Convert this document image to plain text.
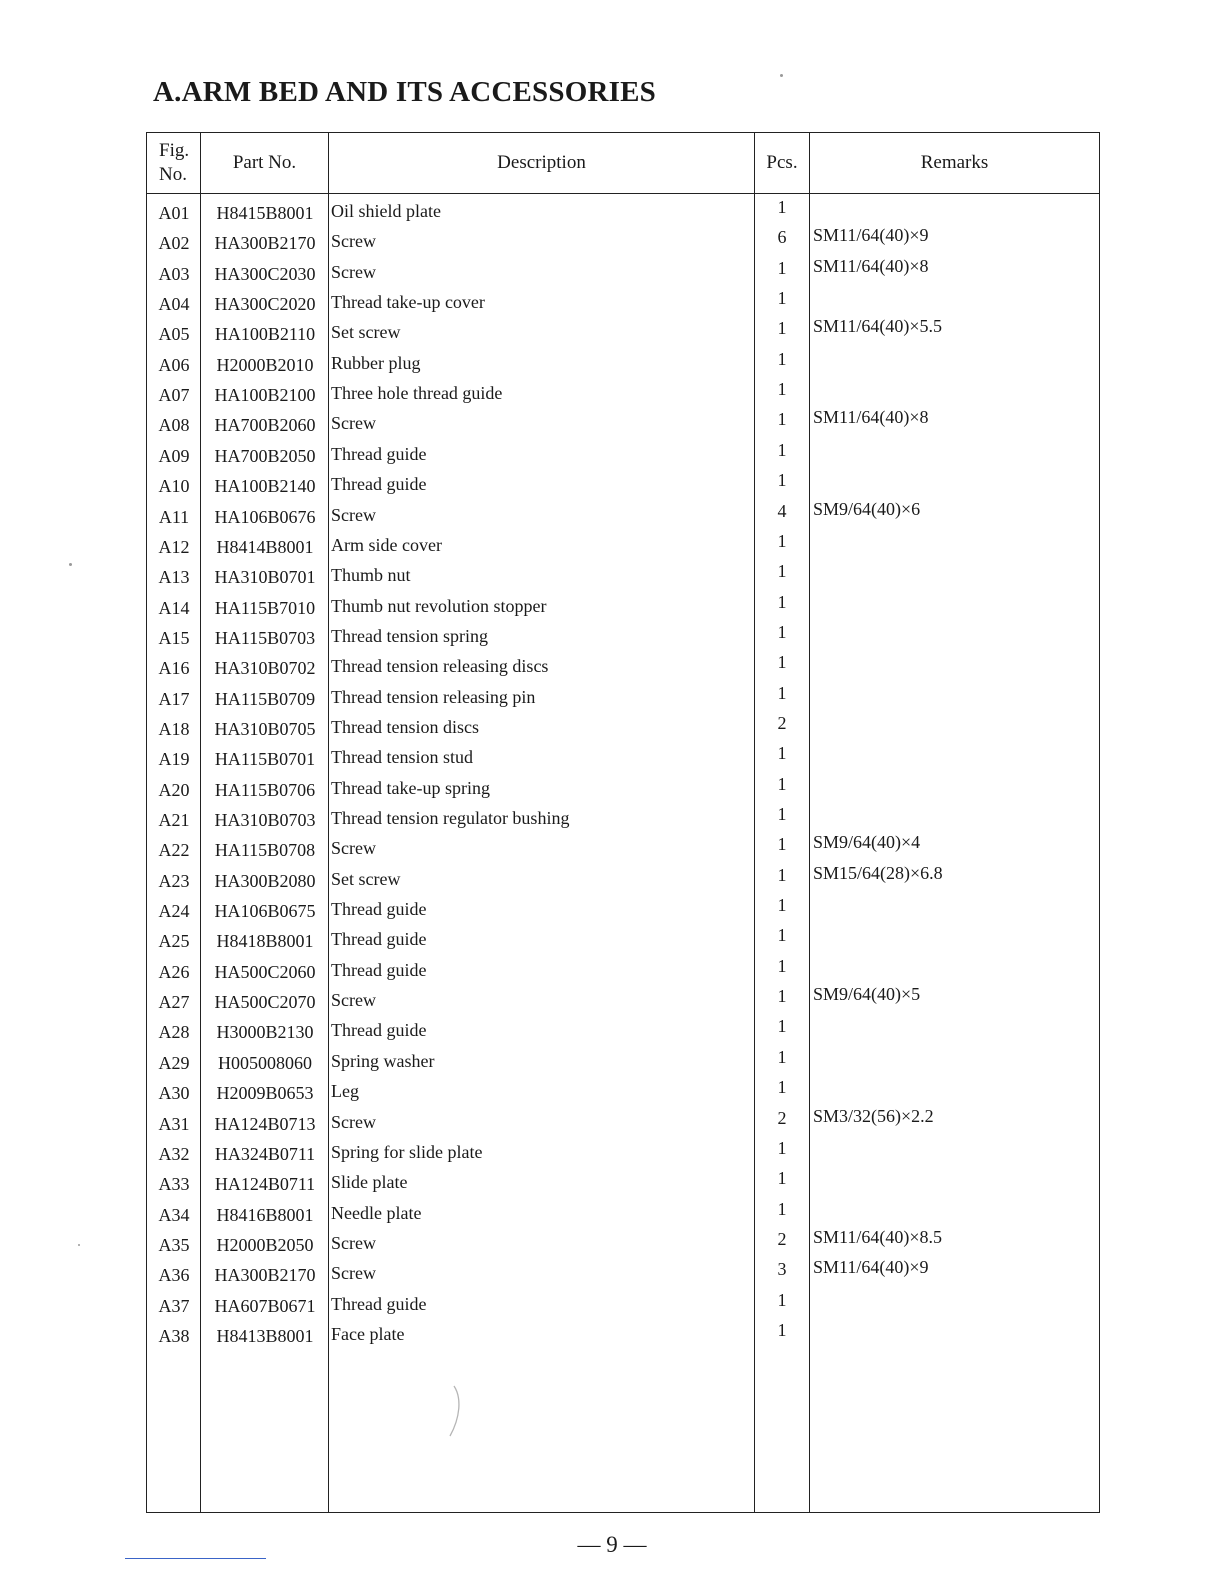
A.ARM BED AND ITS ACCESSORIES
Fig.
No.
Part No.	Description	Pcs.	Remarks
A01	H8415B8001 Oil shield plate	1
A02	HA300B2170 Screw	6	SM11/64(40)×9
A03	HA300C2030 Screw	1	SM11/64(40)×8
A04	HA300C2020 Thread take-up cover	1
A05	HA100B2110 Set screw	1	SM11/64(40)×5.5
A06	H2000B2010 Rubber plug	1
A07	HA100B2100 Three hole thread guide	1
A08	HA700B2060 Screw	1	SM11/64(40)×8
A09	HA700B2050 Thread guide	1
A10	HA100B2140 Thread guide	1
A11	HA106B0676 Screw	4	SM9/64(40)×6
A12	H8414B8001 Arm side cover	1
A13	HA310B0701 Thumb nut	1
A14	HA115B7010 Thumb nut revolution stopper	1
A15	HA115B0703 Thread tension spring	1
A16	HA310B0702 Thread tension releasing discs	1
A17	HA115B0709 Thread tension releasing pin	1
A18	HA310B0705 Thread tension discs	2
A19	HA115B0701 Thread tension stud	1
A20	HA115B0706 Thread take-up spring	1
A21	HA310B0703 Thread tension regulator bushing	1
A22	HA115B0708 Screw	1	SM9/64(40)×4
A23	HA300B2080 Set screw	1	SM15/64(28)×6.8
A24	HA106B0675 Thread guide	1
A25	H8418B8001 Thread guide	1
A26	HA500C2060 Thread guide	1
A27	HA500C2070 Screw	1	SM9/64(40)×5
A28	H3000B2130 Thread guide	1
A29	H005008060	Spring washer	1
A30	H2009B0653 Leg	1
A31	HA124B0713 Screw	2	SM3/32(56)×2.2
A32	HA324B0711 Spring for slide plate	1
A33	HA124B0711 Slide plate	1
A34	H8416B8001 Needle plate	1
A35	H2000B2050 Screw	2	SM11/64(40)×8.5
A36	HA300B2170 Screw	3	SM11/64(40)×9
A37	HA607B0671 Thread guide	1
A38	H8413B8001 Face plate	1
— 9 —
